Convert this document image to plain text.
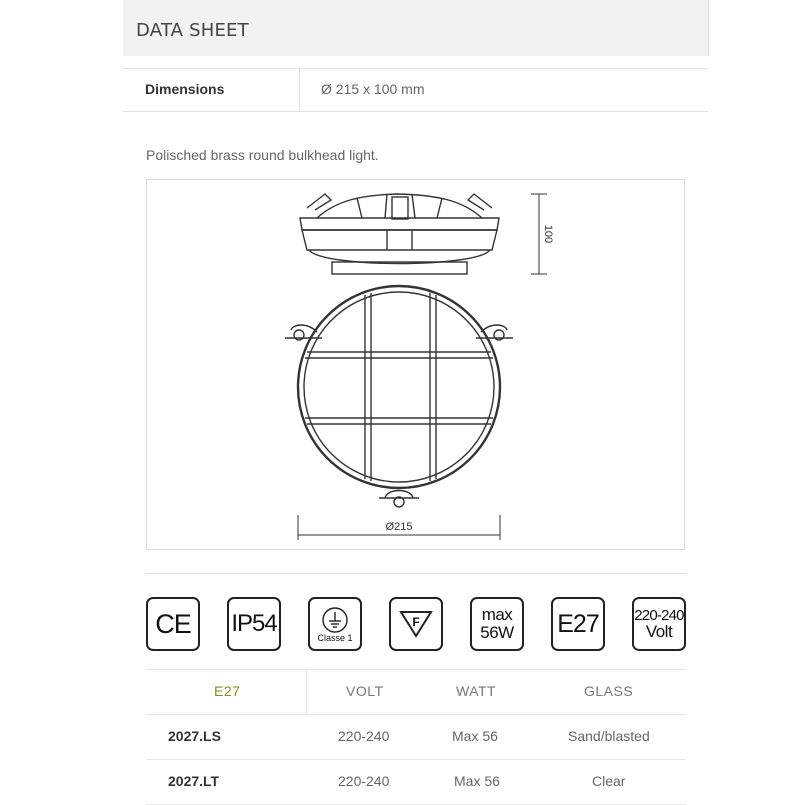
DATA SHEET
Dimensions	Ø 215 x 100 mm
Polisched brass round bulkhead light.
100
Ø215
CE IP54
Classe 1
F	max
56W E27 220-240
Volt
E27	VOLT	WATT	GLASS
2027.LS	220-240	Max 56	Sand/blasted
2027.LT	220-240	Max 56	Clear
